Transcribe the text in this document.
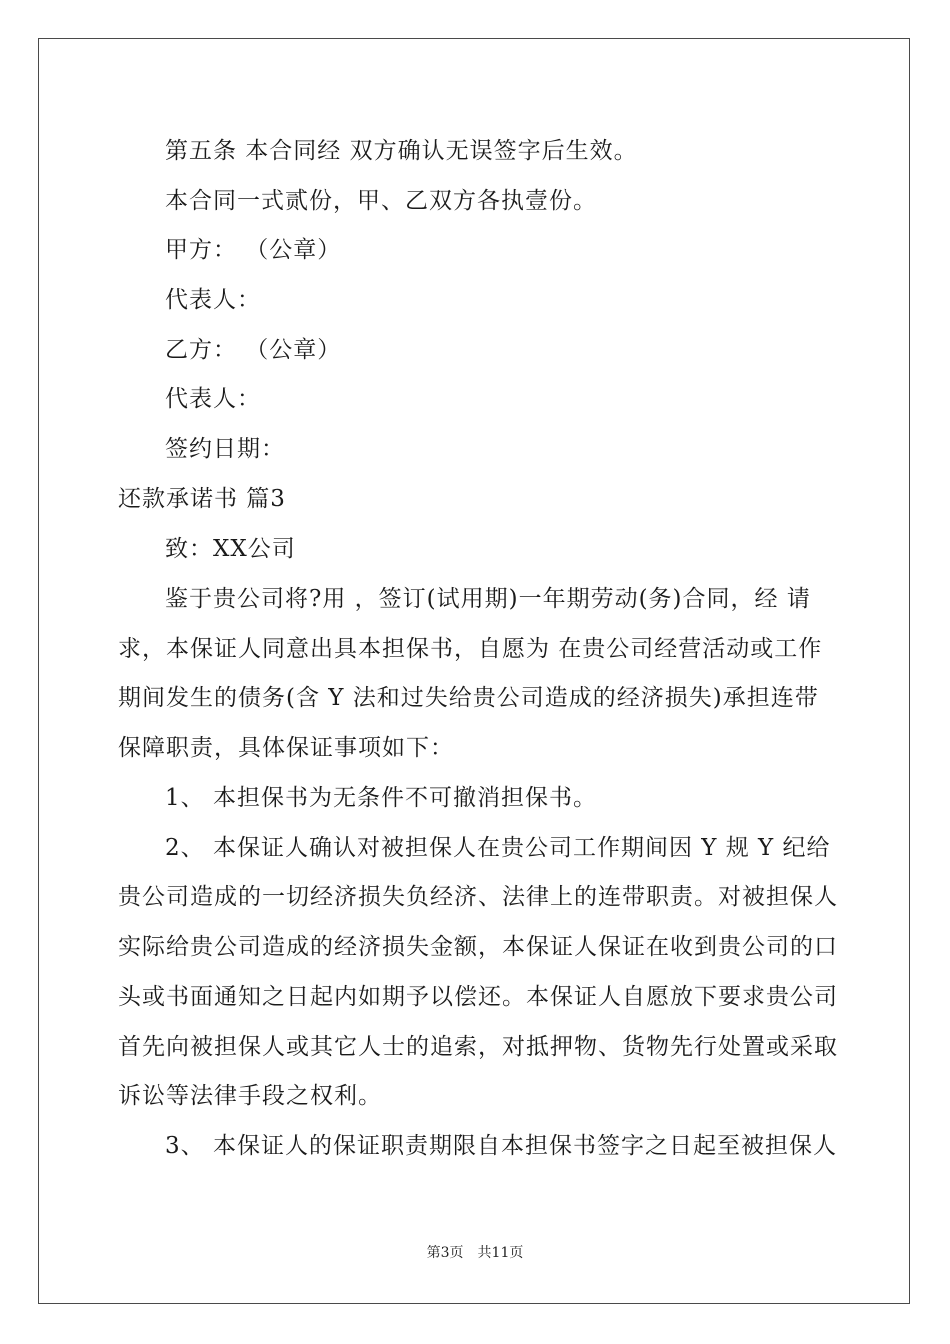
第五条 本合同经 双方确认无误签字后生效。
本合同一式贰份，甲、乙双方各执壹份。
甲方： （公章）
代表人：
乙方： （公章）
代表人：
签约日期：
还款承诺书 篇3
致：XX公司
鉴于贵公司将?用 ，签订(试用期)一年期劳动(务)合同，经 请
求，本保证人同意出具本担保书，自愿为 在贵公司经营活动或工作
期间发生的债务(含 Y 法和过失给贵公司造成的经济损失)承担连带
保障职责，具体保证事项如下：
1、 本担保书为无条件不可撤消担保书。
2、 本保证人确认对被担保人在贵公司工作期间因 Y 规 Y 纪给
贵公司造成的一切经济损失负经济、法律上的连带职责。对被担保人
实际给贵公司造成的经济损失金额，本保证人保证在收到贵公司的口
头或书面通知之日起内如期予以偿还。本保证人自愿放下要求贵公司
首先向被担保人或其它人士的追索，对抵押物、货物先行处置或采取
诉讼等法律手段之权利。
3、 本保证人的保证职责期限自本担保书签字之日起至被担保人
第3页 共11页
